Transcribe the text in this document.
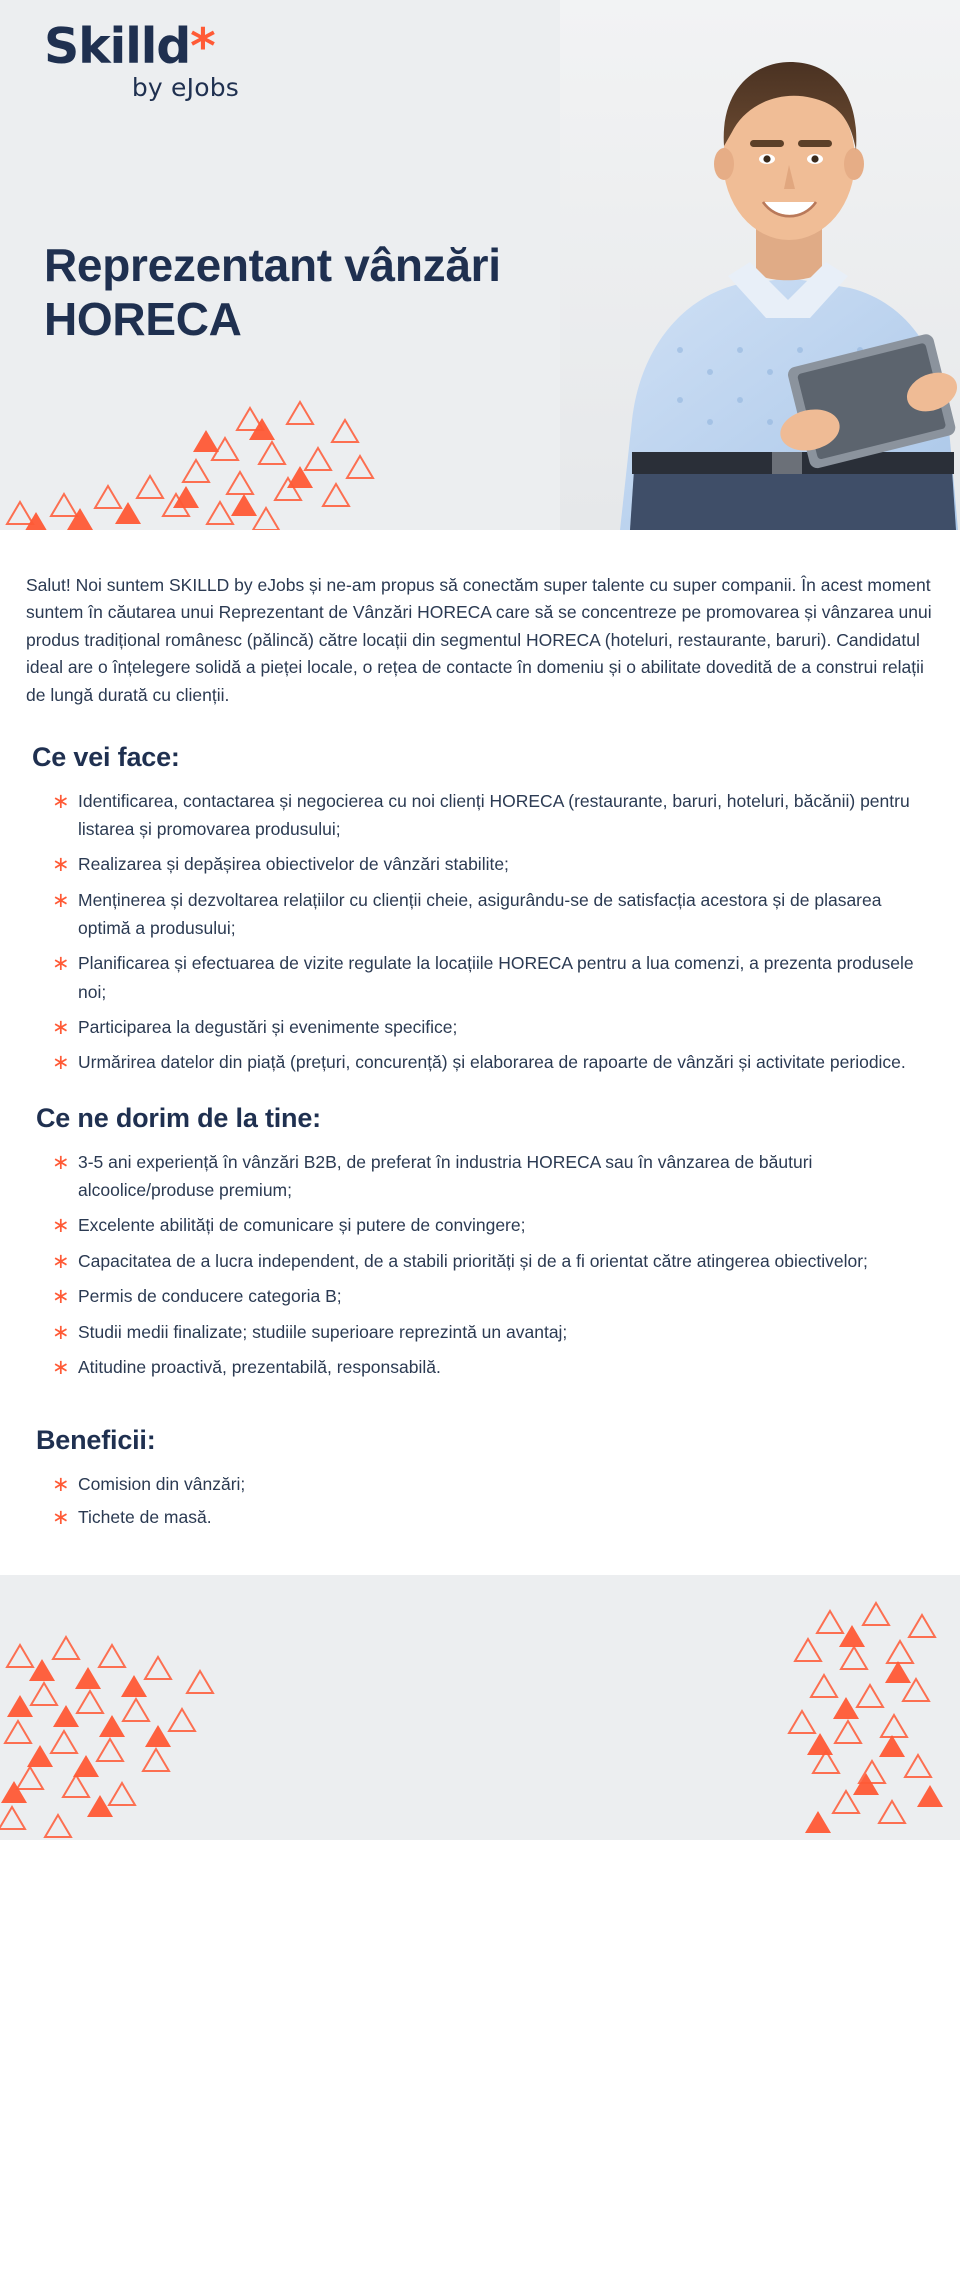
Skilld*
by eJobs
Reprezentant vânzări HORECA

Salut! Noi suntem SKILLD by eJobs și ne-am propus să conectăm super talente cu super companii. În acest moment suntem în căutarea unui Reprezentant de Vânzări HORECA care să se concentreze pe promovarea și vânzarea unui produs tradițional românesc (pălincă) către locații din segmentul HORECA (hoteluri, restaurante, baruri). Candidatul ideal are o înțelegere solidă a pieței locale, o rețea de contacte în domeniu și o abilitate dovedită de a construi relații de lungă durată cu clienții.

Ce vei face:
∗ Identificarea, contactarea și negocierea cu noi clienți HORECA (restaurante, baruri, hoteluri, băcănii) pentru listarea și promovarea produsului;
∗ Realizarea și depășirea obiectivelor de vânzări stabilite;
∗ Menținerea și dezvoltarea relațiilor cu clienții cheie, asigurându-se de satisfacția acestora și de plasarea optimă a produsului;
∗ Planificarea și efectuarea de vizite regulate la locațiile HORECA pentru a lua comenzi, a prezenta produsele noi;
∗ Participarea la degustări și evenimente specifice;
∗ Urmărirea datelor din piață (prețuri, concurență) și elaborarea de rapoarte de vânzări și activitate periodice.
Ce ne dorim de la tine:
∗ 3-5 ani experiență în vânzări B2B, de preferat în industria HORECA sau în vânzarea de băuturi alcoolice/produse premium;
∗ Excelente abilități de comunicare și putere de convingere;
∗ Capacitatea de a lucra independent, de a stabili priorități și de a fi orientat către atingerea obiectivelor;
∗ Permis de conducere categoria B;
∗ Studii medii finalizate; studiile superioare reprezintă un avantaj;
∗ Atitudine proactivă, prezentabilă, responsabilă.
Beneficii:
∗ Comision din vânzări;
∗ Tichete de masă.
